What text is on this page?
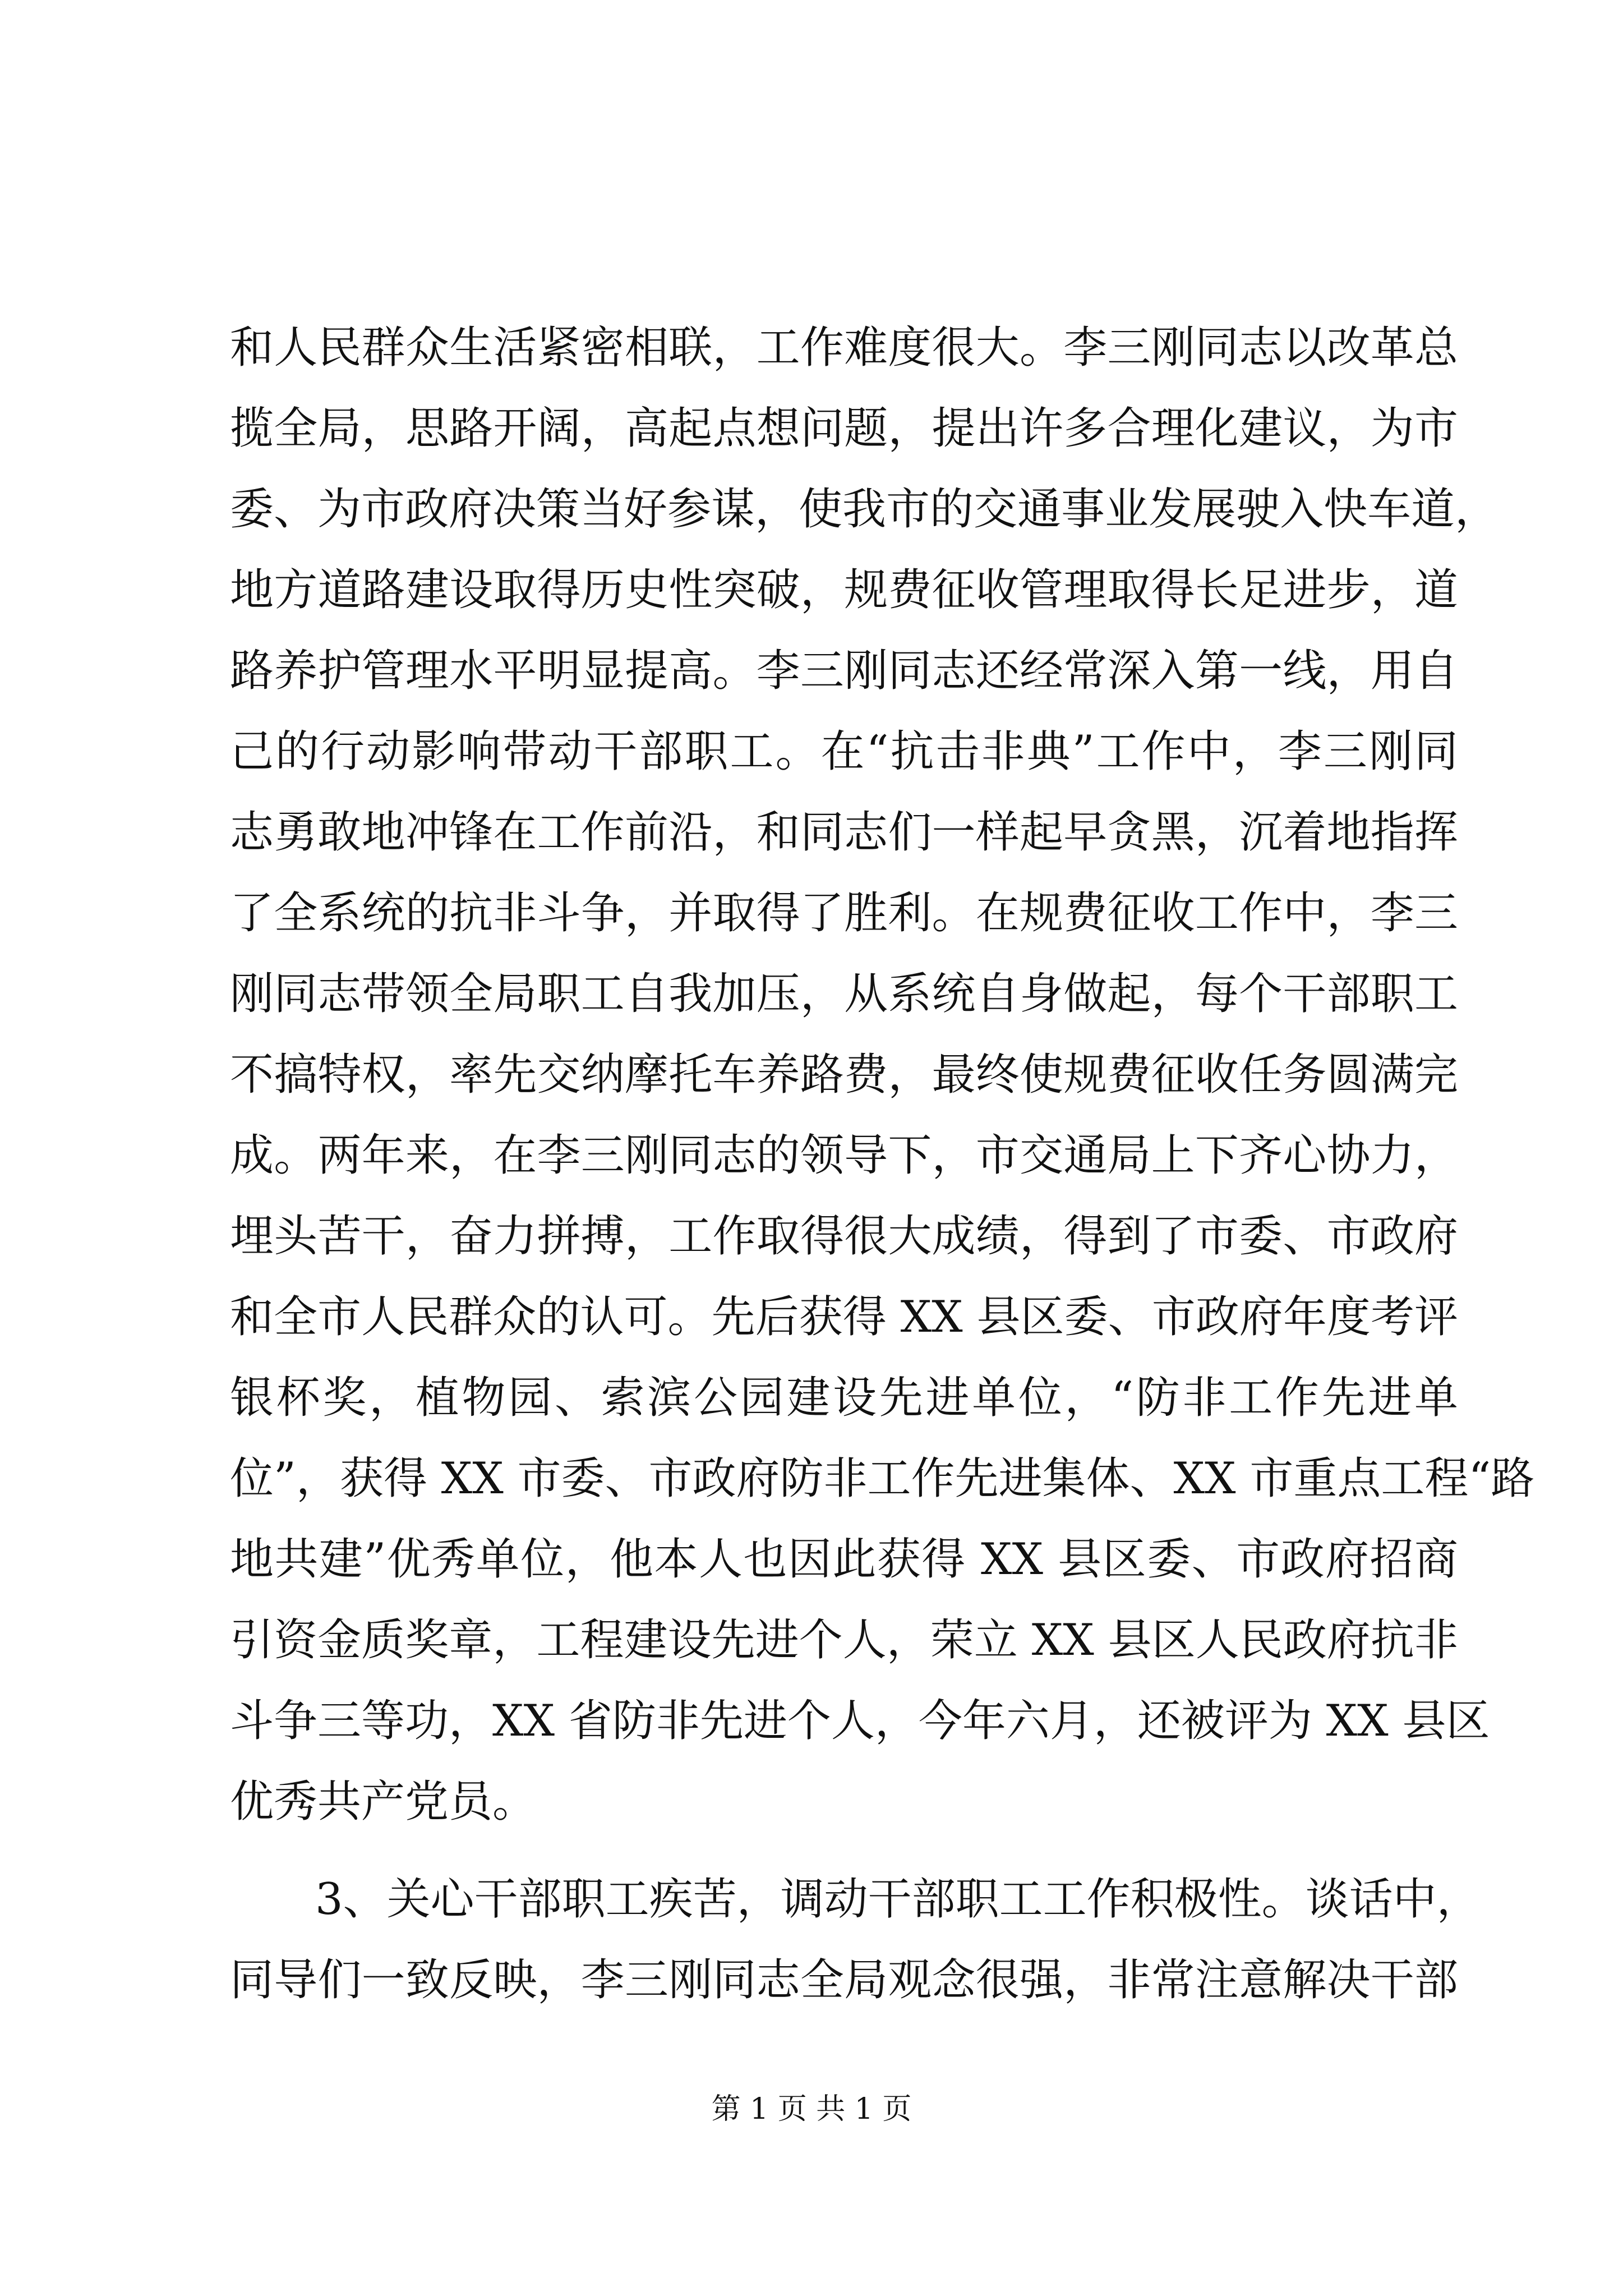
和人民群众生活紧密相联，工作难度很大。李三刚同志以改革总
揽全局，思路开阔，高起点想问题，提出许多合理化建议，为市
委、为市政府决策当好参谋，使我市的交通事业发展驶入快车道，
地方道路建设取得历史性突破，规费征收管理取得长足进步，道
路养护管理水平明显提高。李三刚同志还经常深入第一线，用自
己的行动影响带动干部职工。在“抗击非典”工作中，李三刚同
志勇敢地冲锋在工作前沿，和同志们一样起早贪黑，沉着地指挥
了全系统的抗非斗争，并取得了胜利。在规费征收工作中，李三
刚同志带领全局职工自我加压，从系统自身做起，每个干部职工
不搞特权，率先交纳摩托车养路费，最终使规费征收任务圆满完
成。两年来，在李三刚同志的领导下，市交通局上下齐心协力，
埋头苦干，奋力拼搏，工作取得很大成绩，得到了市委、市政府
和全市人民群众的认可。先后获得 XX 县区委、市政府年度考评
银杯奖，植物园、索滨公园建设先进单位，“防非工作先进单
位”，获得 XX 市委、市政府防非工作先进集体、XX 市重点工程“路
地共建”优秀单位，他本人也因此获得 XX 县区委、市政府招商
引资金质奖章，工程建设先进个人，荣立 XX 县区人民政府抗非
斗争三等功，XX 省防非先进个人，今年六月，还被评为 XX 县区
优秀共产党员。
3、关心干部职工疾苦，调动干部职工工作积极性。谈话中，
同导们一致反映，李三刚同志全局观念很强，非常注意解决干部
第 1 页 共 1 页
